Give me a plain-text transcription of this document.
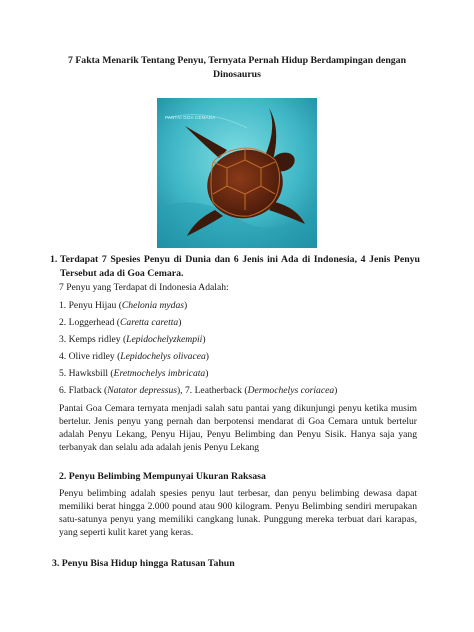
7 Fakta Menarik Tentang Penyu, Ternyata Pernah Hidup Berdampingan dengan Dinosaurus
PANTAI GOA CEMARA
1. Terdapat 7 Spesies Penyu di Dunia dan 6 Jenis ini Ada di Indonesia, 4 Jenis Penyu Tersebut ada di Goa Cemara.
7 Penyu yang Terdapat di Indonesia Adalah:
1. Penyu Hijau (Chelonia mydas)
2. Loggerhead (Caretta caretta)
3. Kemps ridley (Lepidochelyzkempii)
4. Olive ridley (Lepidochelys olivacea)
5. Hawksbill (Eretmochelys imbricata)
6. Flatback (Natator depressus), 7. Leatherback (Dermochelys coriacea)
Pantai Goa Cemara ternyata menjadi salah satu pantai yang dikunjungi penyu ketika musim bertelur. Jenis penyu yang pernah dan berpotensi mendarat di Goa Cemara untuk bertelur adalah Penyu Lekang, Penyu Hijau, Penyu Belimbing dan Penyu Sisik. Hanya saja yang terbanyak dan selalu ada adalah jenis Penyu Lekang
2. Penyu Belimbing Mempunyai Ukuran Raksasa
Penyu belimbing adalah spesies penyu laut terbesar, dan penyu belimbing dewasa dapat memiliki berat hingga 2.000 pound atau 900 kilogram. Penyu Belimbing sendiri merupakan satu-satunya penyu yang memiliki cangkang lunak. Punggung mereka terbuat dari karapas, yang seperti kulit karet yang keras.
3. Penyu Bisa Hidup hingga Ratusan Tahun
